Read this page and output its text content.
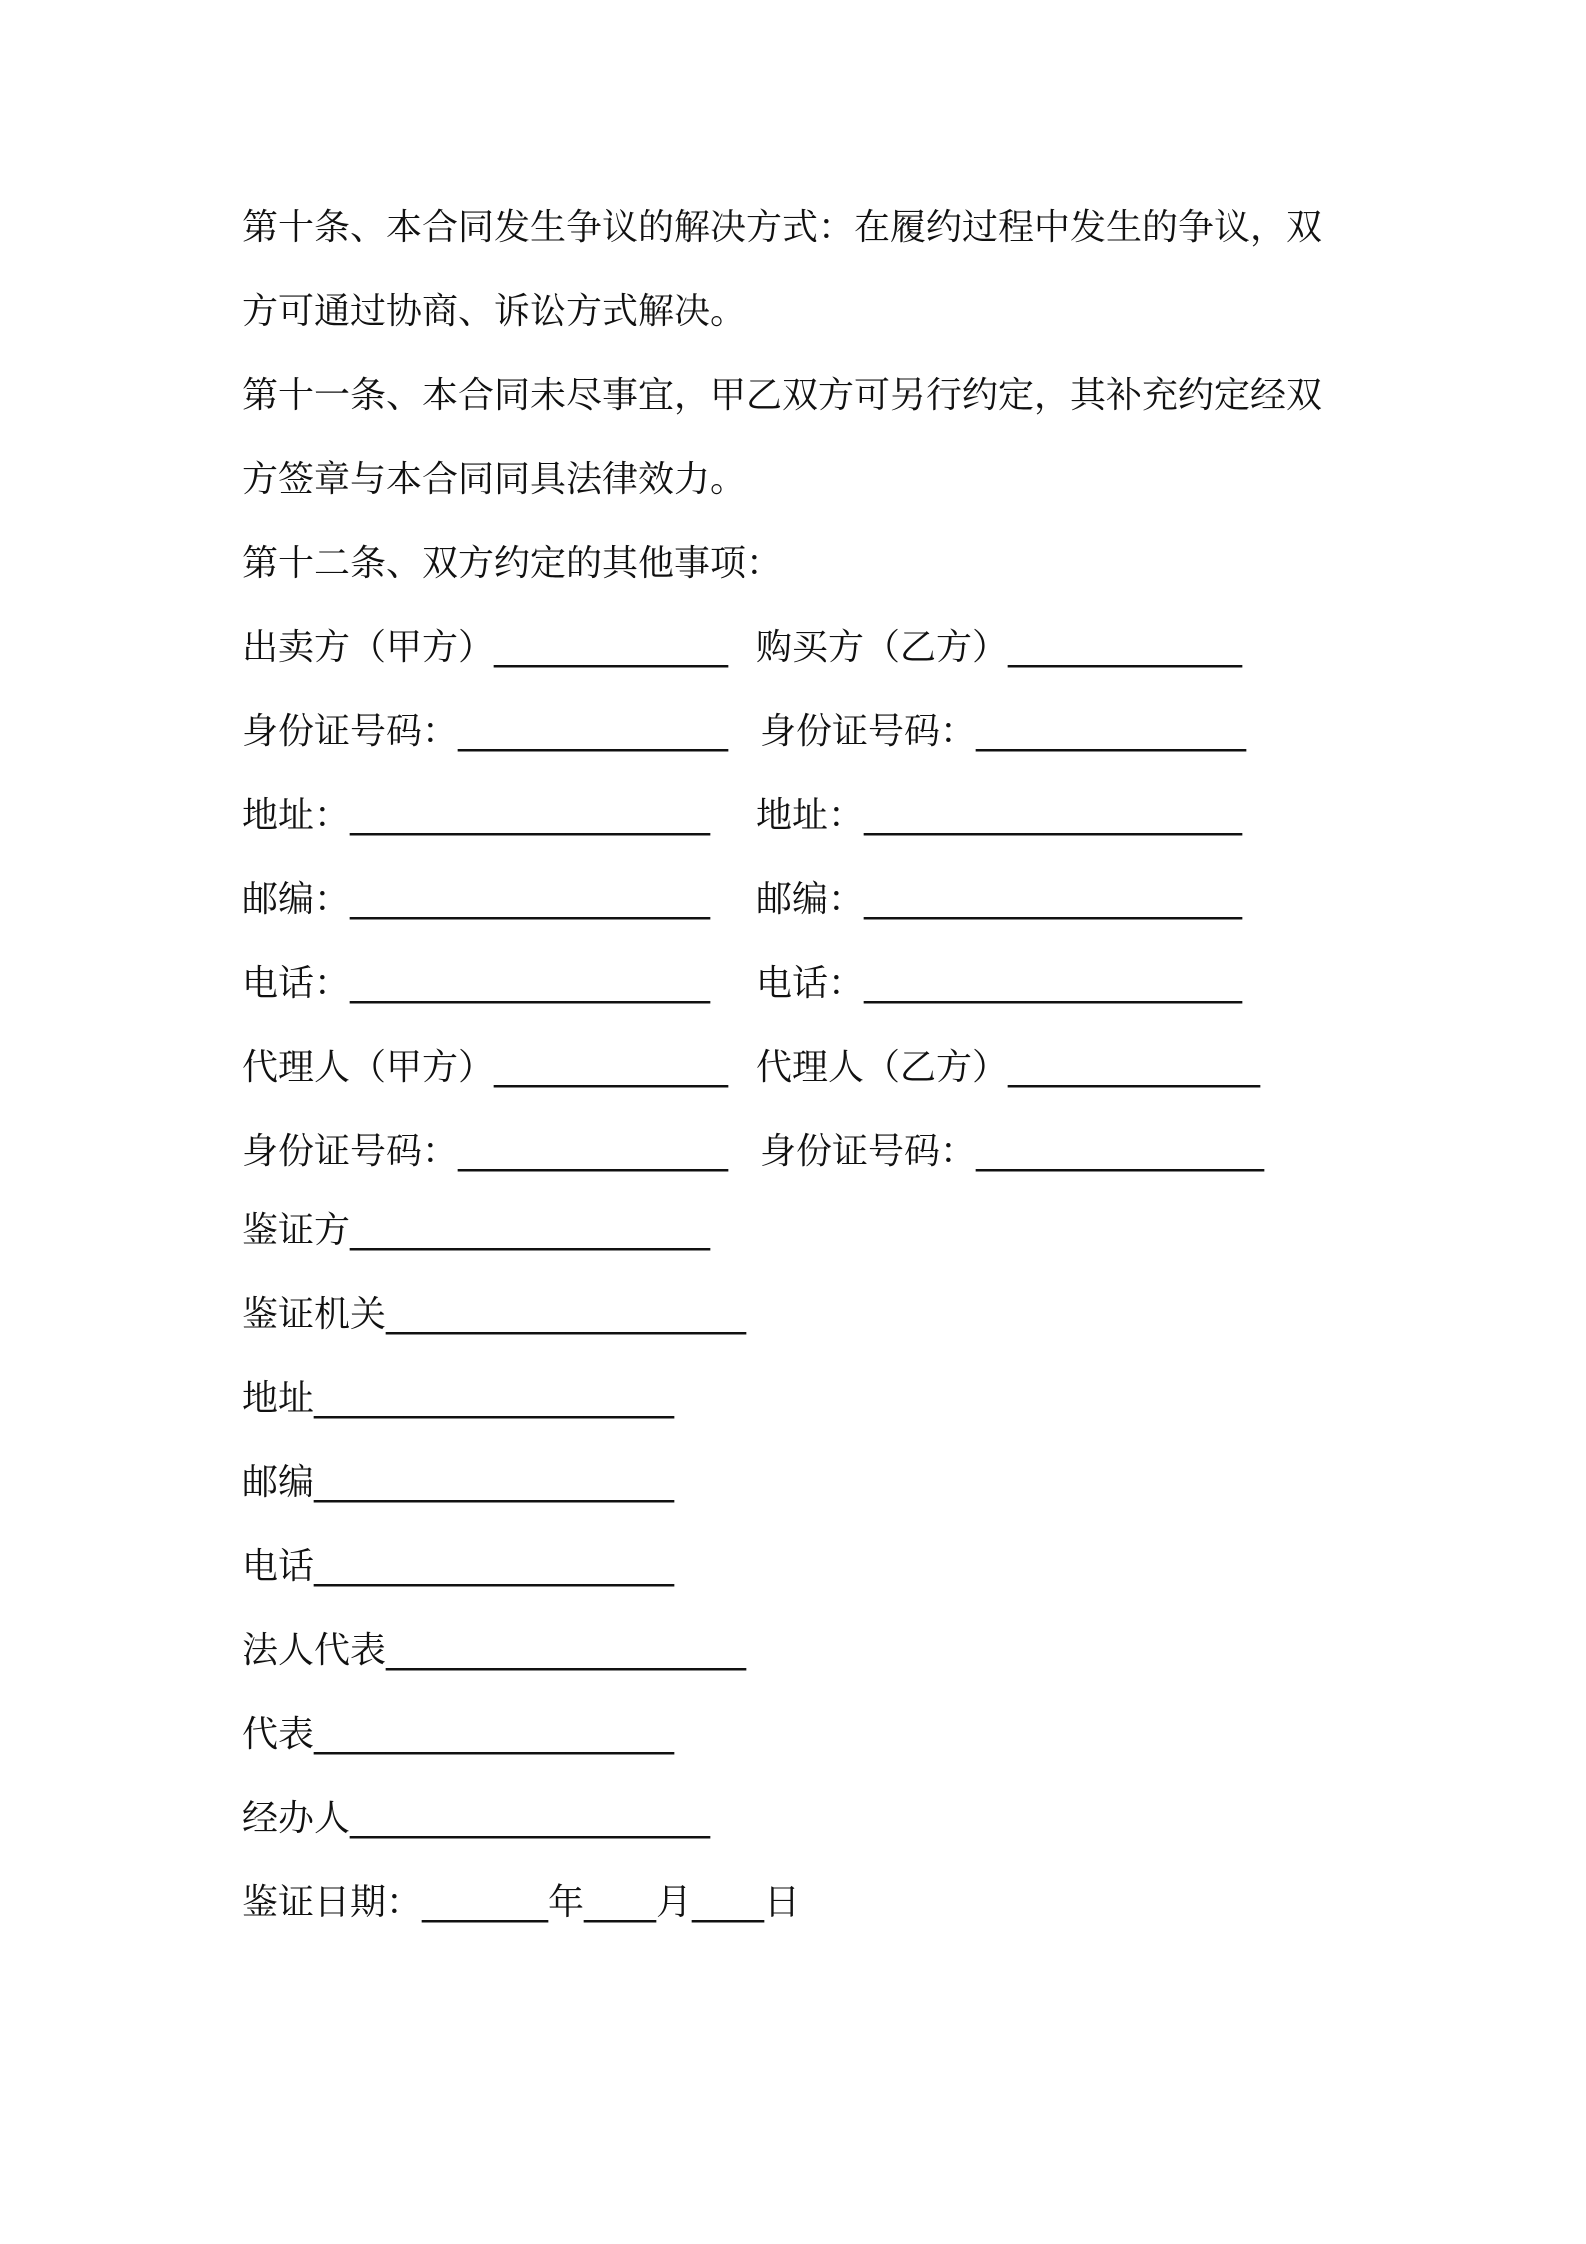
第十条、本合同发生争议的解决方式：在履约过程中发生的争议，双
方可通过协商、诉讼方式解决。
第十一条、本合同未尽事宜，甲乙双方可另行约定，其补充约定经双
方签章与本合同同具法律效力。
第十二条、双方约定的其他事项：
出卖方（甲方）_____________ 购买方（乙方）_____________
身份证号码：_______________ 身份证号码：_______________
地址：____________________ 地址：_____________________
邮编：____________________ 邮编：_____________________
电话：____________________ 电话：_____________________
代理人（甲方）_____________ 代理人（乙方）______________
身份证号码：_______________ 身份证号码：________________
鉴证方____________________
鉴证机关____________________
地址____________________
邮编____________________
电话____________________
法人代表____________________
代表____________________
经办人____________________
鉴证日期：_______年____月____日
